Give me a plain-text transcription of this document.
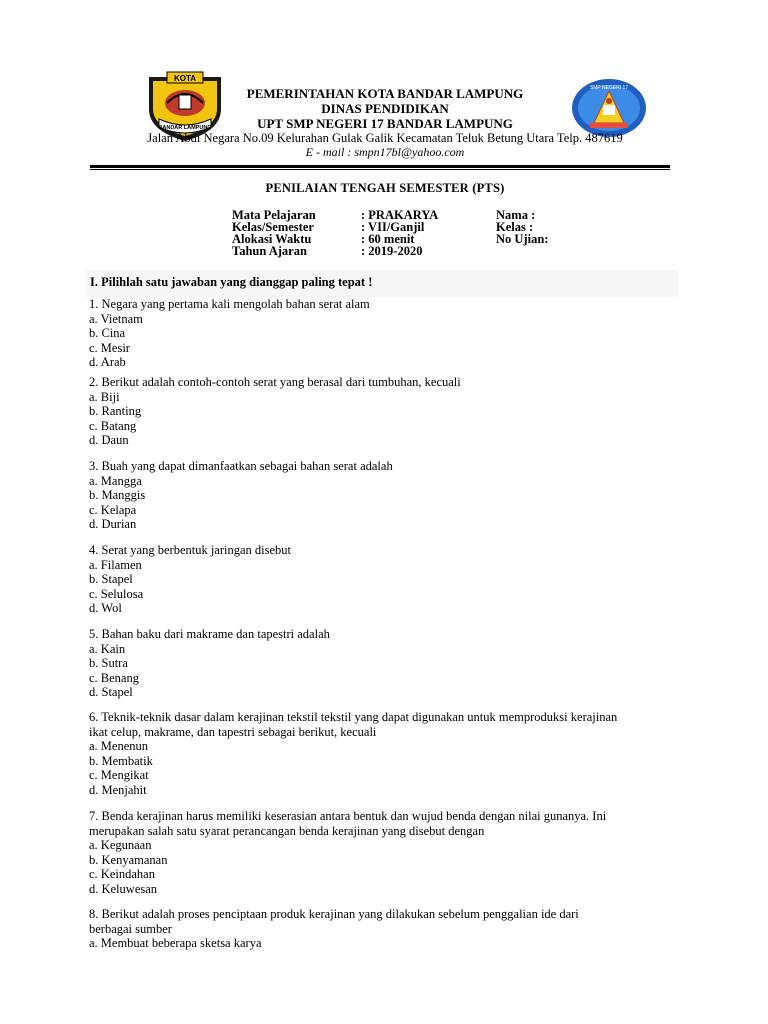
KOTA
BANDAR LAMPUNG
SMP NEGERI 17
PEMERINTAHAN KOTA BANDAR LAMPUNG
DINAS PENDIDIKAN
UPT SMP NEGERI 17 BANDAR LAMPUNG
Jalan Abdi Negara No.09 Kelurahan Gulak Galik Kecamatan Teluk Betung Utara Telp. 487619
E - mail : smpn17bl@yahoo.com
PENILAIAN TENGAH SEMESTER (PTS)
Mata Pelajaran
Kelas/Semester
Alokasi Waktu
Tahun Ajaran
: PRAKARYA
: VII/Ganjil
: 60 menit
: 2019-2020
Nama :
Kelas :
No Ujian:
I. Pilihlah satu jawaban yang dianggap paling tepat !

1. Negara yang pertama kali mengolah bahan serat alam

a. Vietnam

b. Cina

c. Mesir

d. Arab

2. Berikut adalah contoh-contoh serat yang berasal dari tumbuhan, kecuali

a. Biji

b. Ranting

c. Batang

d. Daun

3. Buah yang dapat dimanfaatkan sebagai bahan serat adalah

a. Mangga

b. Manggis

c. Kelapa

d. Durian

4. Serat yang berbentuk jaringan disebut

a. Filamen

b. Stapel

c. Selulosa

d. Wol

5. Bahan baku dari makrame dan tapestri adalah

a. Kain

b. Sutra

c. Benang

d. Stapel

6. Teknik-teknik dasar dalam kerajinan tekstil tekstil yang dapat digunakan untuk memproduksi kerajinan

ikat celup, makrame, dan tapestri sebagai berikut, kecuali

a. Menenun

b. Membatik

c. Mengikat

d. Menjahit

7. Benda kerajinan harus memiliki keserasian antara bentuk dan wujud benda dengan nilai gunanya. Ini

merupakan salah satu syarat perancangan benda kerajinan yang disebut dengan

a. Kegunaan

b. Kenyamanan

c. Keindahan

d. Keluwesan

8. Berikut adalah proses penciptaan produk kerajinan yang dilakukan sebelum penggalian ide dari

berbagai sumber

a. Membuat beberapa sketsa karya
